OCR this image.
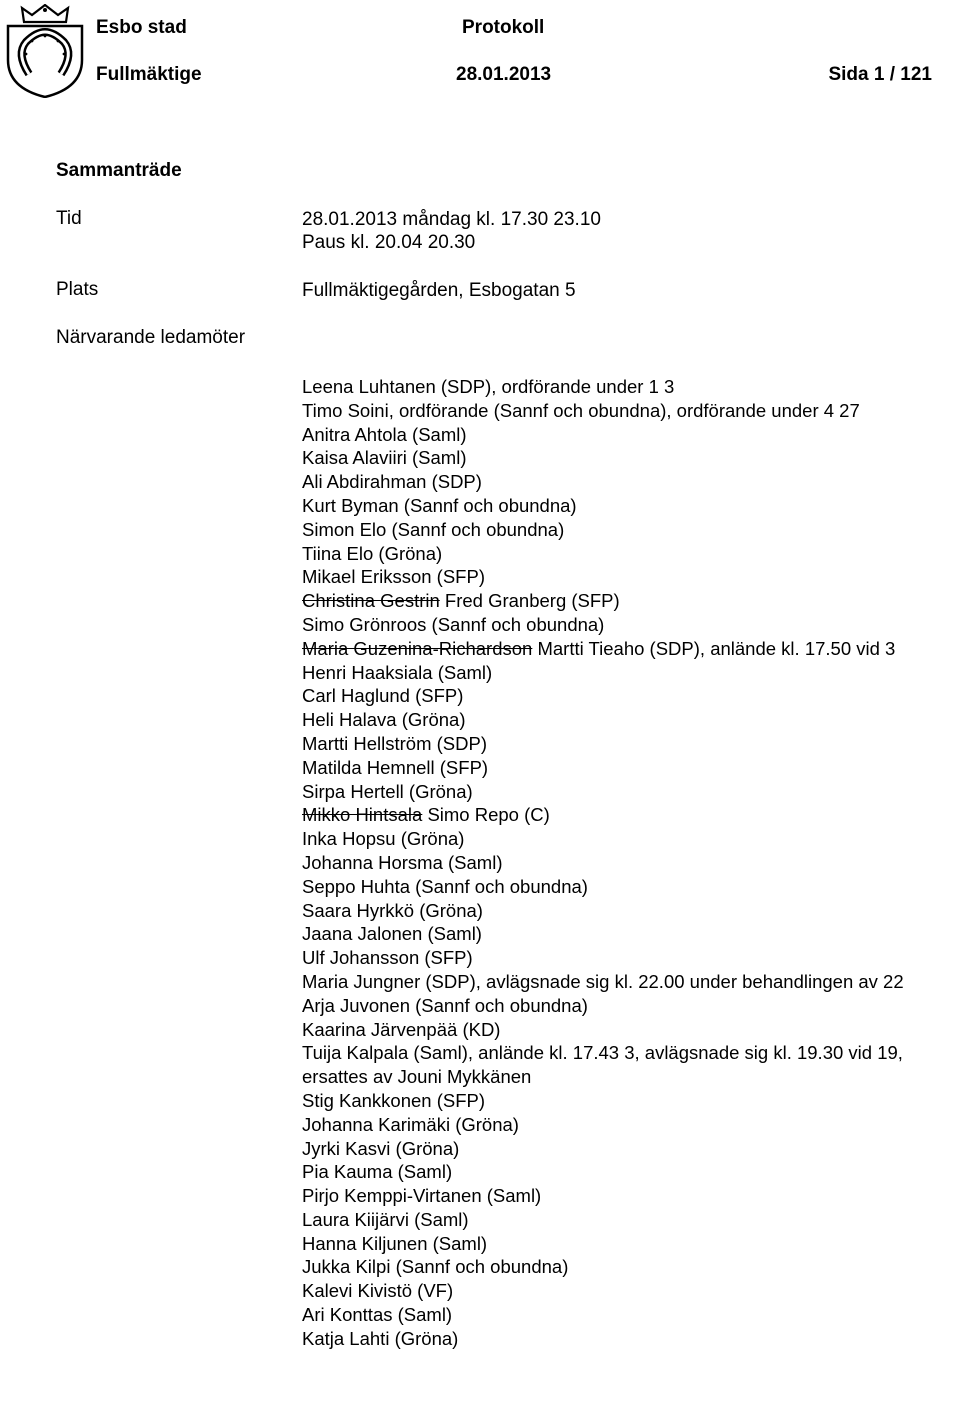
Esbo stad	Protokoll
Fullmäktige	28.01.2013	Sida 1 / 121
Sammanträde
Tid	28.01.2013 måndag kl. 17.30 23.10
Paus kl. 20.04 20.30
Plats	Fullmäktigegården, Esbogatan 5
Närvarande ledamöter
Leena Luhtanen (SDP), ordförande under 1 3
Timo Soini, ordförande (Sannf och obundna), ordförande under 4 27
Anitra Ahtola (Saml)
Kaisa Alaviiri (Saml)
Ali Abdirahman (SDP)
Kurt Byman (Sannf och obundna)
Simon Elo (Sannf och obundna)
Tiina Elo (Gröna)
Mikael Eriksson (SFP)
Christina Gestrin Fred Granberg (SFP)
Simo Grönroos (Sannf och obundna)
Maria Guzenina-Richardson Martti Tieaho (SDP), anlände kl. 17.50 vid 3
Henri Haaksiala (Saml)
Carl Haglund (SFP)
Heli Halava (Gröna)
Martti Hellström (SDP)
Matilda Hemnell (SFP)
Sirpa Hertell (Gröna)
Mikko Hintsala Simo Repo (C)
Inka Hopsu (Gröna)
Johanna Horsma (Saml)
Seppo Huhta (Sannf och obundna)
Saara Hyrkkö (Gröna)
Jaana Jalonen (Saml)
Ulf Johansson (SFP)
Maria Jungner (SDP), avlägsnade sig kl. 22.00 under behandlingen av 22
Arja Juvonen (Sannf och obundna)
Kaarina Järvenpää (KD)
Tuija Kalpala (Saml), anlände kl. 17.43 3, avlägsnade sig kl. 19.30 vid 19, ersattes av Jouni Mykkänen
Stig Kankkonen (SFP)
Johanna Karimäki (Gröna)
Jyrki Kasvi (Gröna)
Pia Kauma (Saml)
Pirjo Kemppi-Virtanen (Saml)
Laura Kiijärvi (Saml)
Hanna Kiljunen (Saml)
Jukka Kilpi (Sannf och obundna)
Kalevi Kivistö (VF)
Ari Konttas (Saml)
Katja Lahti (Gröna)
